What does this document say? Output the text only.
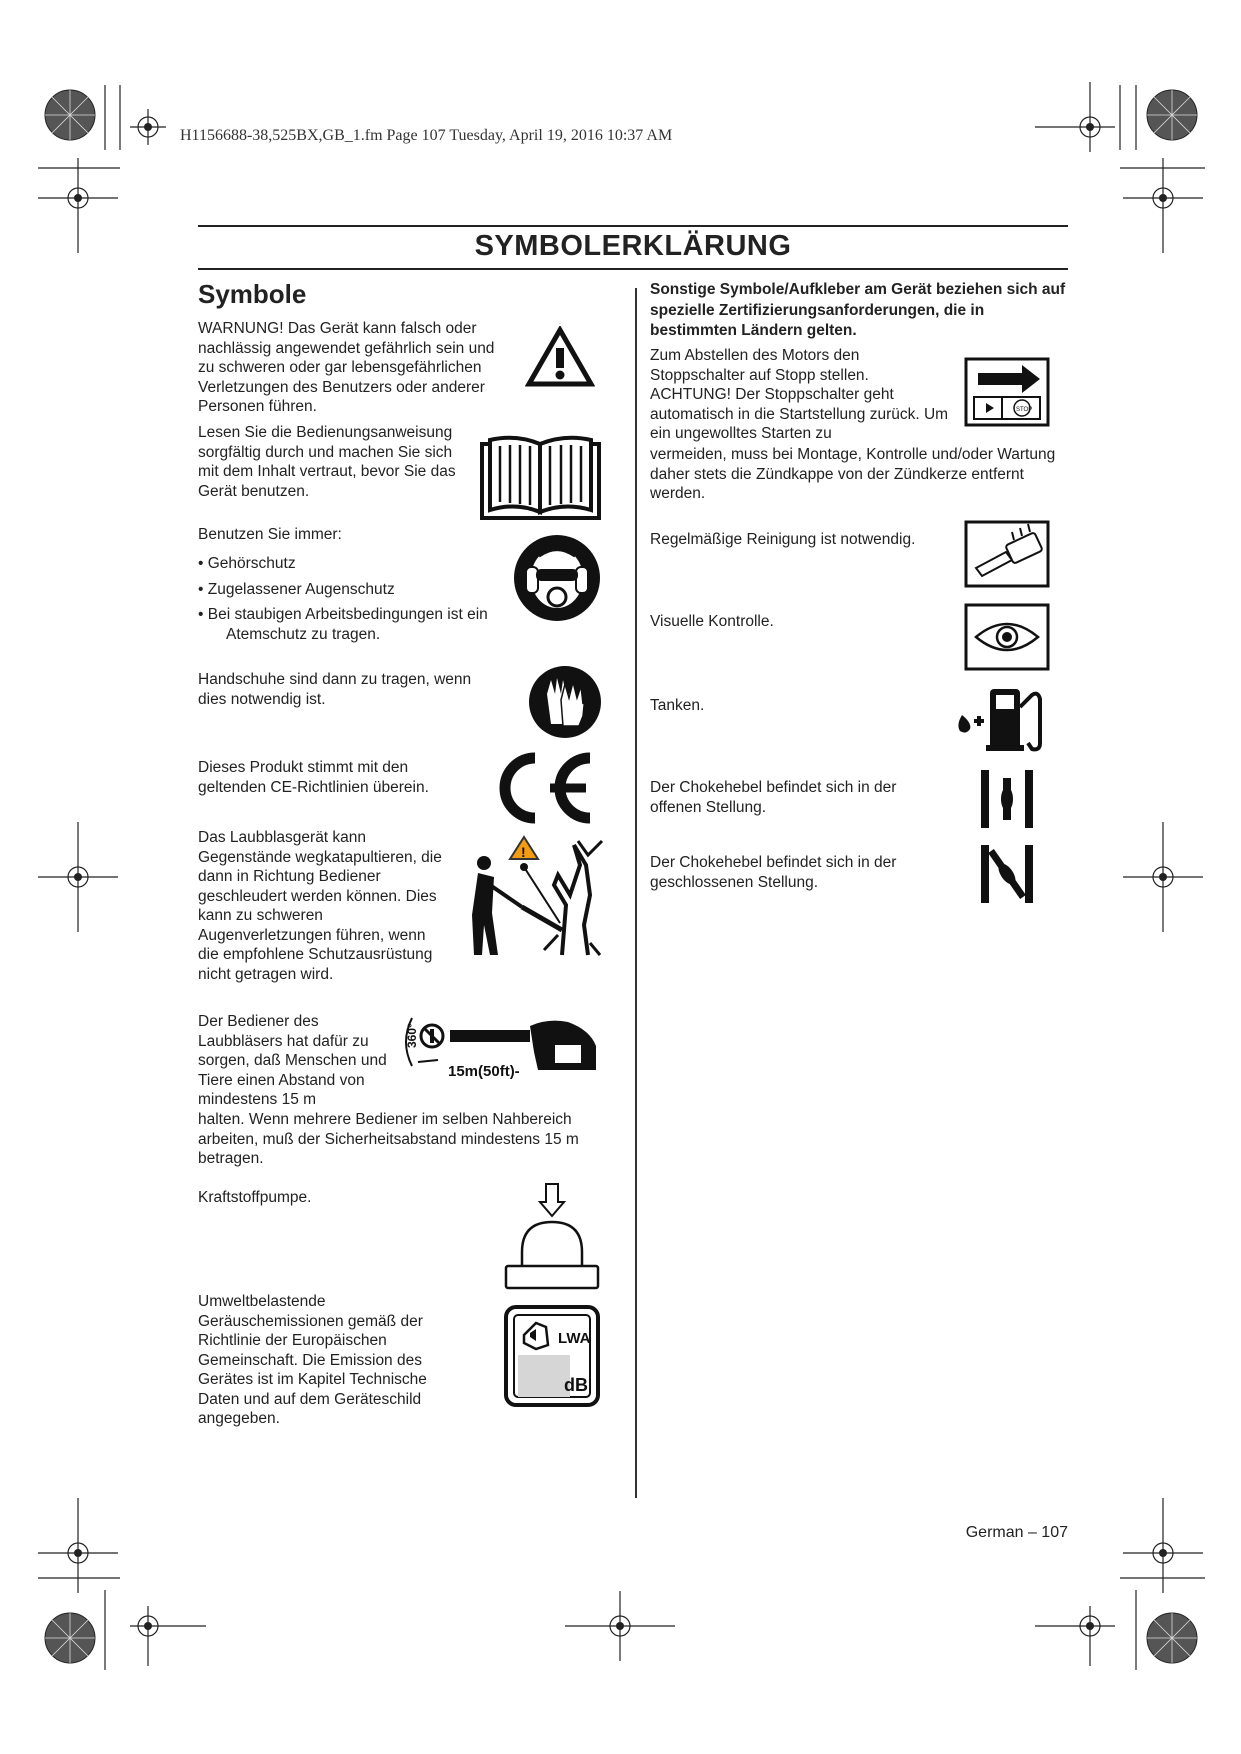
H1156688-38,525BX,GB_1.fm Page 107 Tuesday, April 19, 2016 10:37 AM
SYMBOLERKLÄRUNG
Symbole
WARNUNG! Das Gerät kann falsch oder nachlässig angewendet gefährlich sein und zu schweren oder gar lebensgefährlichen Verletzungen des Benutzers oder anderer Personen führen.
Lesen Sie die Bedienungsanweisung sorgfältig durch und machen Sie sich mit dem Inhalt vertraut, bevor Sie das Gerät benutzen.
Benutzen Sie immer:
• Gehörschutz
• Zugelassener Augenschutz
• Bei staubigen Arbeitsbedingungen ist ein Atemschutz zu tragen.
Handschuhe sind dann zu tragen, wenn dies notwendig ist.
Dieses Produkt stimmt mit den geltenden CE-Richtlinien überein.
Das Laubblasgerät kann Gegenstände wegkatapultieren, die dann in Richtung Bediener geschleudert werden können. Dies kann zu schweren Augenverletzungen führen, wenn die empfohlene Schutzausrüstung nicht getragen wird.
!
Der Bediener des Laubbläsers hat dafür zu sorgen, daß Menschen und Tiere einen Abstand von mindestens 15 m
halten. Wenn mehrere Bediener im selben Nahbereich arbeiten, muß der Sicherheitsabstand mindestens 15 m betragen.
360°
15m(50ft)-
Kraftstoffpumpe.
Umweltbelastende Geräuschemissionen gemäß der Richtlinie der Europäischen Gemeinschaft. Die Emission des Gerätes ist im Kapitel Technische Daten und auf dem Geräteschild angegeben.
LWA
dB
Sonstige Symbole/Aufkleber am Gerät beziehen sich auf spezielle Zertifizierungsanforderungen, die in bestimmten Ländern gelten.
Zum Abstellen des Motors den Stoppschalter auf Stopp stellen. ACHTUNG! Der Stoppschalter geht automatisch in die Startstellung zurück. Um ein ungewolltes Starten zu
vermeiden, muss bei Montage, Kontrolle und/oder Wartung daher stets die Zündkappe von der Zündkerze entfernt werden.
STOP
Regelmäßige Reinigung ist notwendig.
Visuelle Kontrolle.
Tanken.
Der Chokehebel befindet sich in der offenen Stellung.
Der Chokehebel befindet sich in der geschlossenen Stellung.
German – 107
